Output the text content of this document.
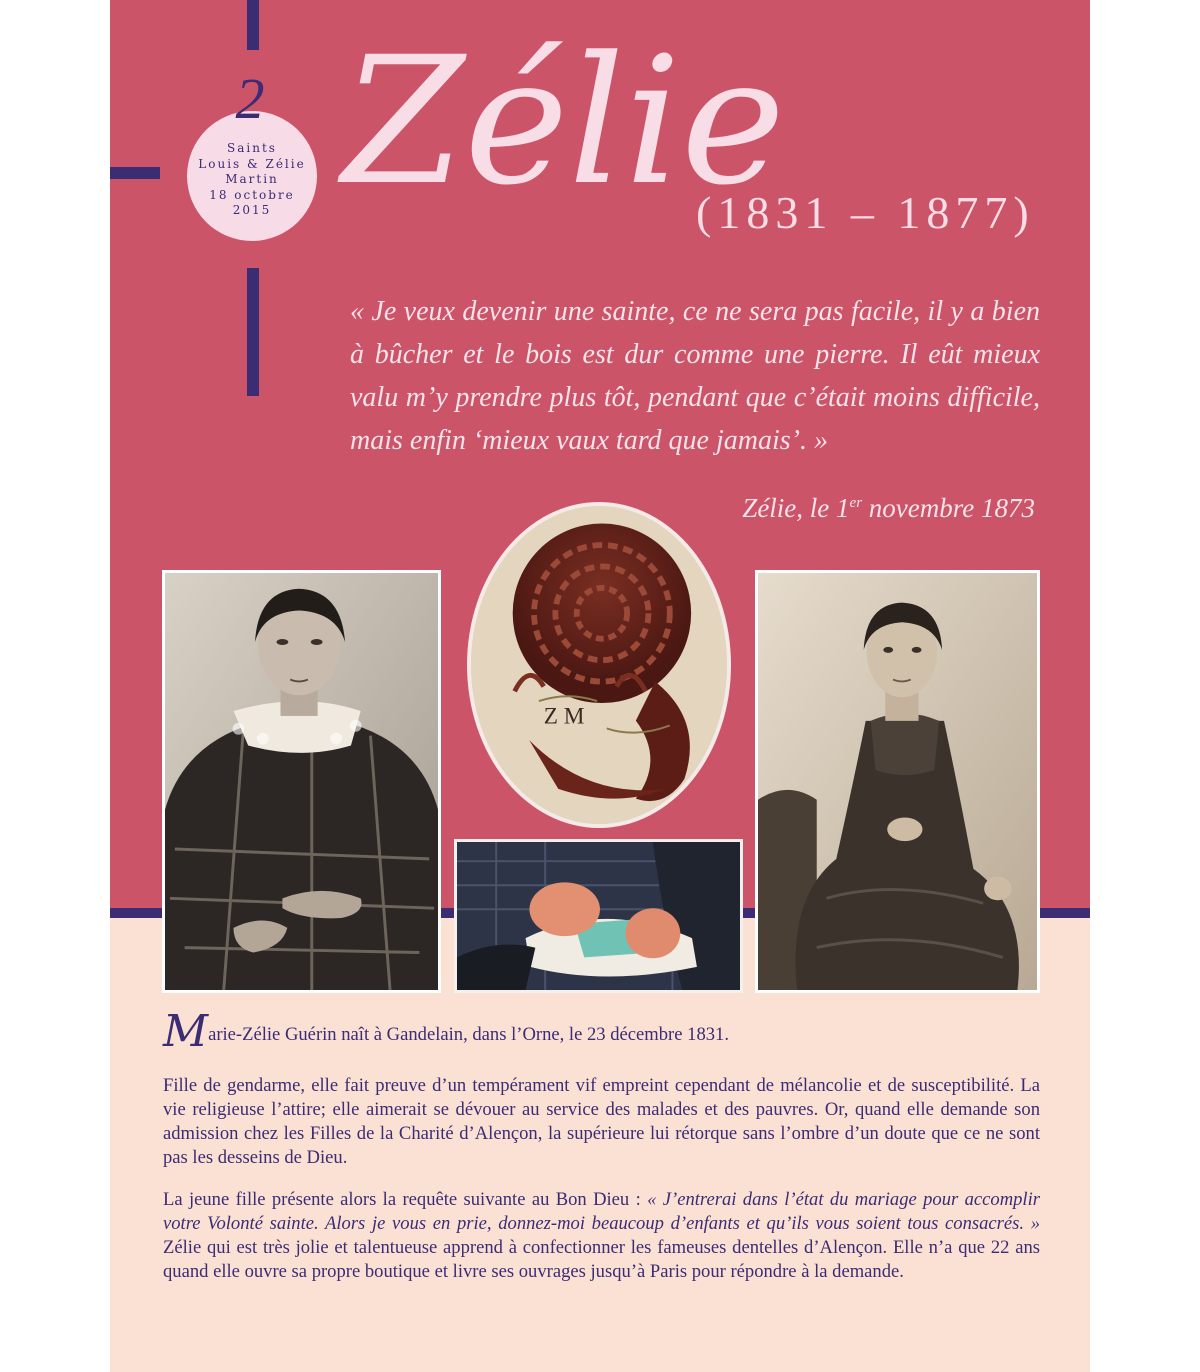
Saints
Louis & Zélie
Martin
18 octobre
2015
2 Zélie
(1831 – 1877)

« Je veux devenir une sainte, ce ne sera pas facile, il y a bien à bûcher et le bois est dur comme une pierre. Il eût mieux valu m’y prendre plus tôt, pendant que c’était moins difficile, mais enfin ‘mieux vaux tard que jamais’. »

Zélie, le 1er novembre 1873
Z M

Marie-Zélie Guérin naît à Gandelain, dans l’Orne, le 23 décembre 1831.

Fille de gendarme, elle fait preuve d’un tempérament vif empreint cependant de mélancolie et de susceptibilité. La vie religieuse l’attire; elle aimerait se dévouer au service des malades et des pauvres. Or, quand elle demande son admission chez les Filles de la Charité d’Alençon, la supérieure lui rétorque sans l’ombre d’un doute que ce ne sont pas les desseins de Dieu.

La jeune fille présente alors la requête suivante au Bon Dieu : « J’entrerai dans l’état du mariage pour accomplir votre Volonté sainte. Alors je vous en prie, donnez-moi beaucoup d’enfants et qu’ils vous soient tous consacrés. » Zélie qui est très jolie et talentueuse apprend à confectionner les fameuses dentelles d’Alençon. Elle n’a que 22 ans quand elle ouvre sa propre boutique et livre ses ouvrages jusqu’à Paris pour répondre à la demande.
